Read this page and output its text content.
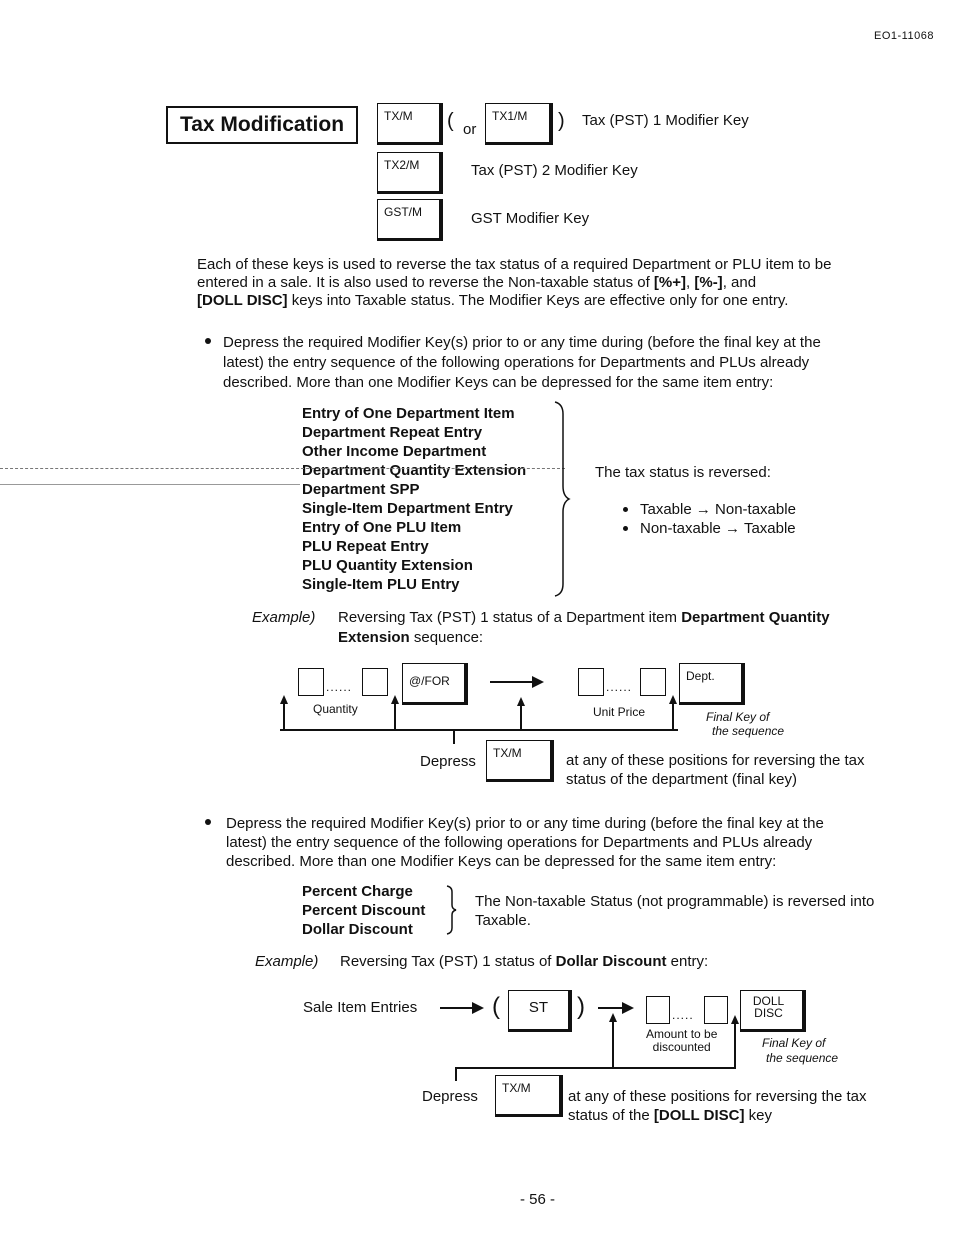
EO1-11068
Tax Modification	TX/M	( or
TX1/M	) Tax (PST) 1 Modifier Key
TX2/M	Tax (PST) 2 Modifier Key
GST/M	GST Modifier Key
Each of these keys is used to reverse the tax status of a required Department or PLU item to be
entered in a sale. It is also used to reverse the Non-taxable status of [%+], [%-], and
[DOLL DISC] keys into Taxable status. The Modifier Keys are effective only for one entry.
Depress the required Modifier Key(s) prior to or any time during (before the final key at the
latest) the entry sequence of the following operations for Departments and PLUs already
described. More than one Modifier Keys can be depressed for the same item entry:
Entry of One Department Item
Department Repeat Entry
Other Income Department
Department Quantity Extension
Department SPP
Single-Item Department Entry
Entry of One PLU Item
PLU Repeat Entry
PLU Quantity Extension
Single-Item PLU Entry
The tax status is reversed:
Taxable → Non-taxable
Non-taxable → Taxable
Example) Reversing Tax (PST) 1 status of a Department item Department Quantity
Extension sequence:
......	@/FOR	......
Dept.
Quantity	Unit Price	Final Key of
the sequence
Depress	TX/M	at any of these positions for reversing the tax
status of the department (final key)
Depress the required Modifier Key(s) prior to or any time during (before the final key at the
latest) the entry sequence of the following operations for Departments and PLUs already
described. More than one Modifier Keys can be depressed for the same item entry:
Percent Charge
Percent Discount
Dollar Discount
The Non-taxable Status (not programmable) is reversed into
Taxable.
Example) Reversing Tax (PST) 1 status of Dollar Discount entry:
Sale Item Entries	(	ST	)	.....
DOLL
DISC
Amount to be
discounted	Final Key of
the sequence
Depress	TX/M	at any of these positions for reversing the tax
status of the [DOLL DISC] key
- 56 -
